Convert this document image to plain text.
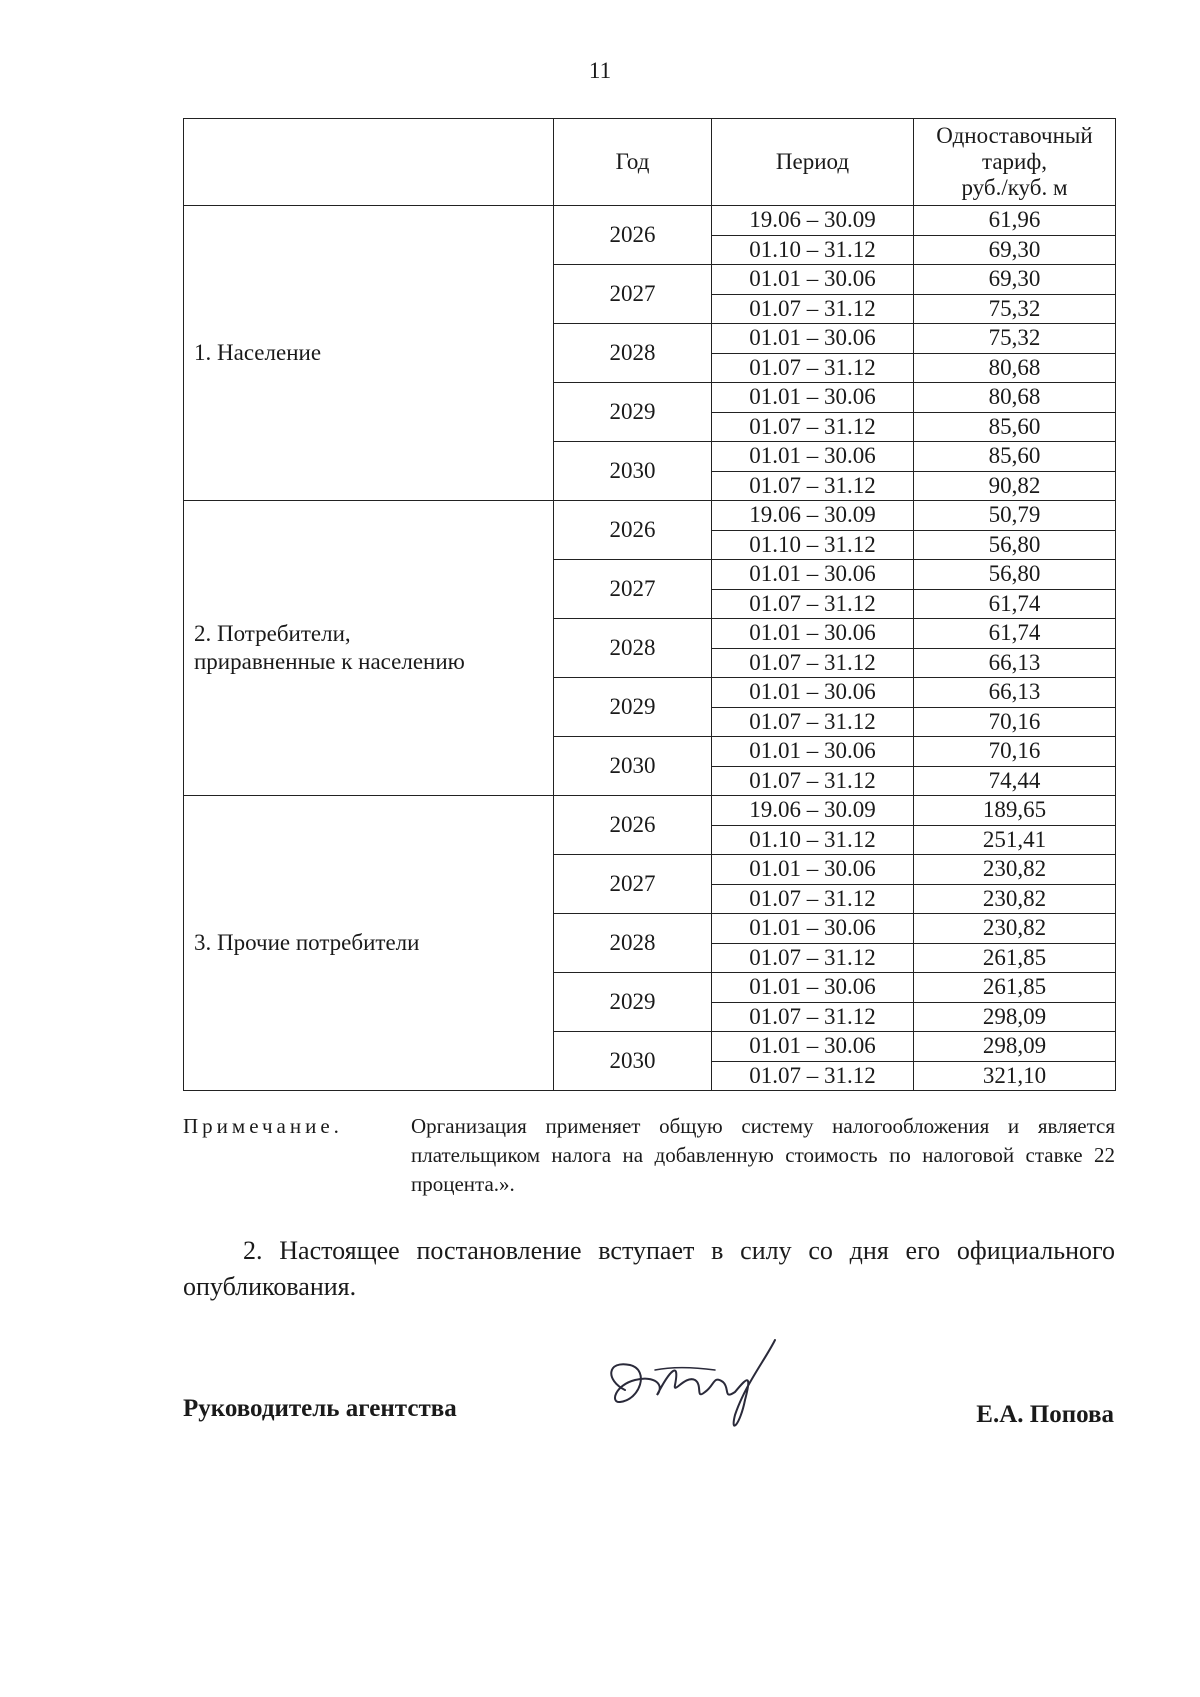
11
	Год	Период	Одноставочный
тариф,
руб./куб. м

1. Население	2026	19.06 – 30.09	61,96
		01.10 – 31.12	69,30
	2027	01.01 – 30.06	69,30
		01.07 – 31.12	75,32
	2028	01.01 – 30.06	75,32
		01.07 – 31.12	80,68
	2029	01.01 – 30.06	80,68
		01.07 – 31.12	85,60
	2030	01.01 – 30.06	85,60
		01.07 – 31.12	90,82

2. Потребители,
приравненные к населению	2026	19.06 – 30.09	50,79
		01.10 – 31.12	56,80
	2027	01.01 – 30.06	56,80
		01.07 – 31.12	61,74
	2028	01.01 – 30.06	61,74
		01.07 – 31.12	66,13
	2029	01.01 – 30.06	66,13
		01.07 – 31.12	70,16
	2030	01.01 – 30.06	70,16
		01.07 – 31.12	74,44

3. Прочие потребители	2026	19.06 – 30.09	189,65
		01.10 – 31.12	251,41
	2027	01.01 – 30.06	230,82
		01.07 – 31.12	230,82
	2028	01.01 – 30.06	230,82
		01.07 – 31.12	261,85
	2029	01.01 – 30.06	261,85
		01.07 – 31.12	298,09
	2030	01.01 – 30.06	298,09
		01.07 – 31.12	321,10
Примечание.	Организация применяет общую систему налогообложения и является плательщиком налога на добавленную стоимость по налоговой ставке 22 процента.».
2. Настоящее постановление вступает в силу со дня его официального опубликования.
Руководитель агентства	Е.А. Попова
